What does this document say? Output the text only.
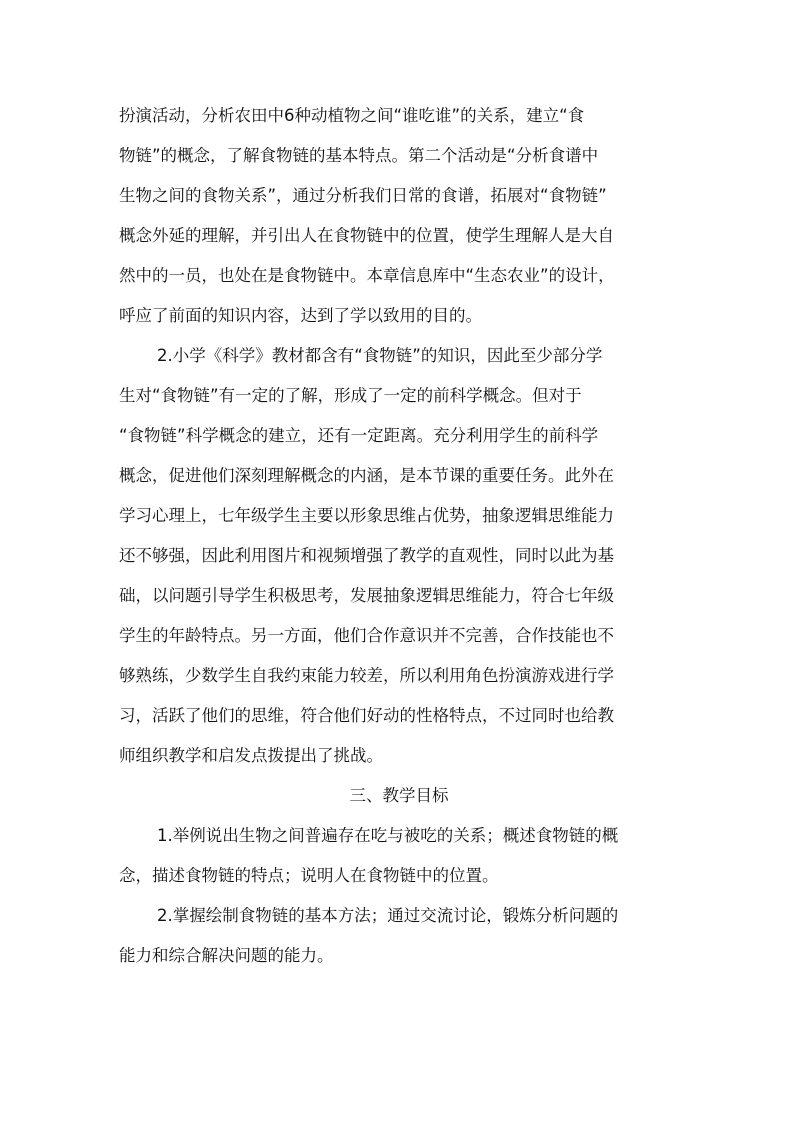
扮演活动，分析农田中6种动植物之间“谁吃谁”的关系，建立“食
物链”的概念，了解食物链的基本特点。第二个活动是“分析食谱中
生物之间的食物关系”，通过分析我们日常的食谱，拓展对“食物链”
概念外延的理解，并引出人在食物链中的位置，使学生理解人是大自
然中的一员，也处在是食物链中。本章信息库中“生态农业”的设计，
呼应了前面的知识内容，达到了学以致用的目的。
2.小学《科学》教材都含有“食物链”的知识，因此至少部分学
生对“食物链”有一定的了解，形成了一定的前科学概念。但对于
“食物链”科学概念的建立，还有一定距离。充分利用学生的前科学
概念，促进他们深刻理解概念的内涵，是本节课的重要任务。此外在
学习心理上，七年级学生主要以形象思维占优势，抽象逻辑思维能力
还不够强，因此利用图片和视频增强了教学的直观性，同时以此为基
础，以问题引导学生积极思考，发展抽象逻辑思维能力，符合七年级
学生的年龄特点。另一方面，他们合作意识并不完善，合作技能也不
够熟练，少数学生自我约束能力较差，所以利用角色扮演游戏进行学
习，活跃了他们的思维，符合他们好动的性格特点，不过同时也给教
师组织教学和启发点拨提出了挑战。
三、教学目标
1.举例说出生物之间普遍存在吃与被吃的关系；概述食物链的概
念，描述食物链的特点；说明人在食物链中的位置。
2.掌握绘制食物链的基本方法；通过交流讨论，锻炼分析问题的
能力和综合解决问题的能力。
